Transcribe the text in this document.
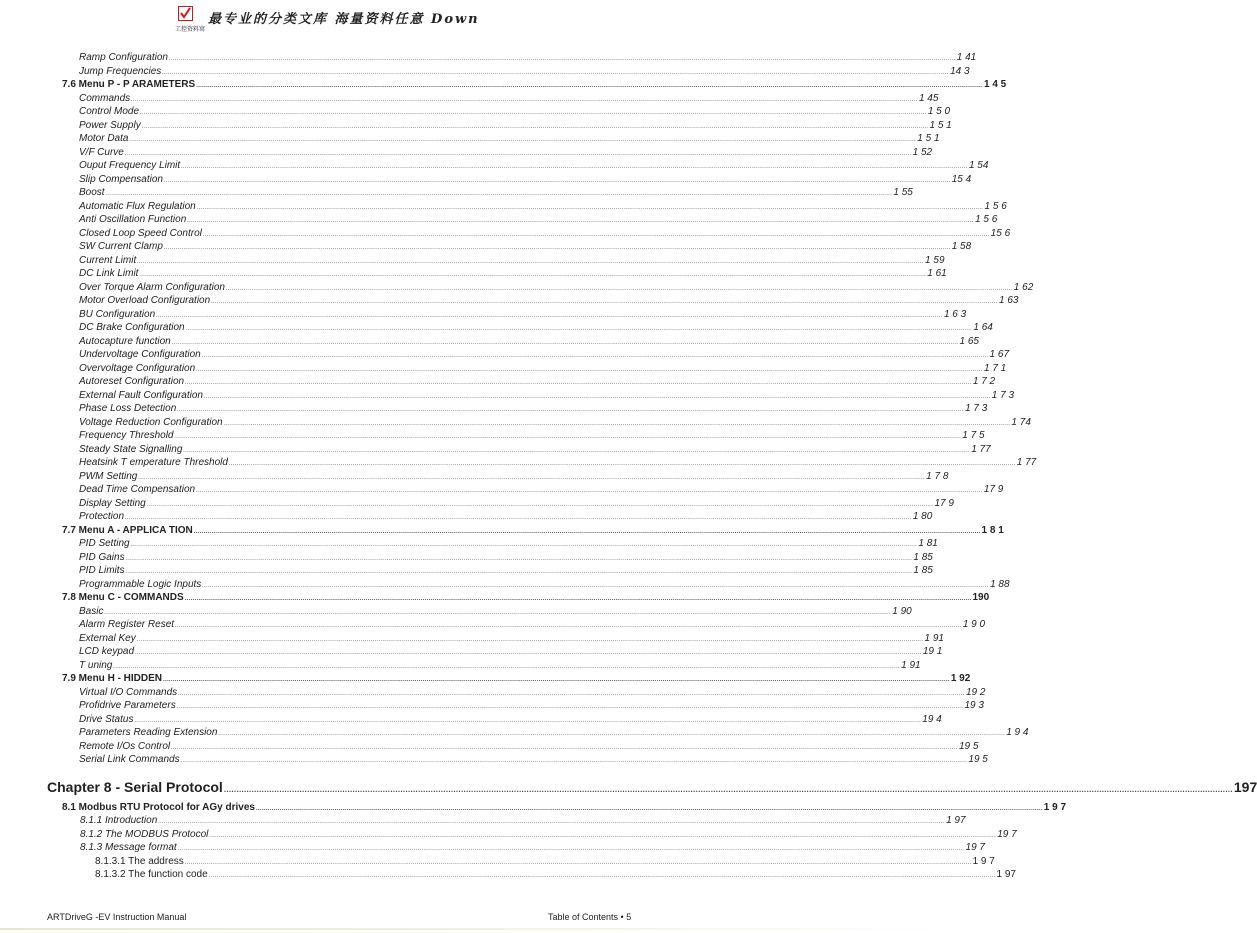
工控资料窝
最专业的分类文库 海量资料任意 Down
Ramp Configuration ................................................................................................................................................................................................................................................................................................................................................................................................................ 1 41
Jump Frequencies ................................................................................................................................................................................................................................................................................................................................................................................................................ 14 3
7.6 Menu P - P ARAMETERS ................................................................................................................................................................................................................................................................................................................................................................................................................ 1 4 5
Commands ................................................................................................................................................................................................................................................................................................................................................................................................................ 1 45
Control Mode ................................................................................................................................................................................................................................................................................................................................................................................................................ 1 5 0
Power Supply ................................................................................................................................................................................................................................................................................................................................................................................................................ 1 5 1
Motor Data ................................................................................................................................................................................................................................................................................................................................................................................................................ 1 5 1
V/F Curve ................................................................................................................................................................................................................................................................................................................................................................................................................ 1 52
Ouput Frequency Limit ................................................................................................................................................................................................................................................................................................................................................................................................................ 1 54
Slip Compensation ................................................................................................................................................................................................................................................................................................................................................................................................................ 15 4
Boost ................................................................................................................................................................................................................................................................................................................................................................................................................ 1 55
Automatic Flux Regulation ................................................................................................................................................................................................................................................................................................................................................................................................................ 1 5 6
Anti Oscillation Function ................................................................................................................................................................................................................................................................................................................................................................................................................ 1 5 6
Closed Loop Speed Control ................................................................................................................................................................................................................................................................................................................................................................................................................ 15 6
SW Current Clamp ................................................................................................................................................................................................................................................................................................................................................................................................................ 1 58
Current Limit ................................................................................................................................................................................................................................................................................................................................................................................................................ 1 59
DC Link Limit ................................................................................................................................................................................................................................................................................................................................................................................................................ 1 61
Over Torque Alarm Configuration ................................................................................................................................................................................................................................................................................................................................................................................................................ 1 62
Motor Overload Configuration ................................................................................................................................................................................................................................................................................................................................................................................................................ 1 63
BU Configuration ................................................................................................................................................................................................................................................................................................................................................................................................................ 1 6 3
DC Brake Configuration ................................................................................................................................................................................................................................................................................................................................................................................................................ 1 64
Autocapture function ................................................................................................................................................................................................................................................................................................................................................................................................................ 1 65
Undervoltage Configuration ................................................................................................................................................................................................................................................................................................................................................................................................................ 1 67
Overvoltage Configuration ................................................................................................................................................................................................................................................................................................................................................................................................................ 1 7 1
Autoreset Configuration ................................................................................................................................................................................................................................................................................................................................................................................................................ 1 7 2
External Fault Configuration ................................................................................................................................................................................................................................................................................................................................................................................................................ 1 7 3
Phase Loss Detection ................................................................................................................................................................................................................................................................................................................................................................................................................ 1 7 3
Voltage Reduction Configuration ................................................................................................................................................................................................................................................................................................................................................................................................................ 1 74
Frequency Threshold ................................................................................................................................................................................................................................................................................................................................................................................................................ 1 7 5
Steady State Signalling ................................................................................................................................................................................................................................................................................................................................................................................................................ 1 77
Heatsink T emperature Threshold ................................................................................................................................................................................................................................................................................................................................................................................................................ 1 77
PWM Setting ................................................................................................................................................................................................................................................................................................................................................................................................................ 1 7 8
Dead Time Compensation ................................................................................................................................................................................................................................................................................................................................................................................................................ 17 9
Display Setting ................................................................................................................................................................................................................................................................................................................................................................................................................ 17 9
Protection ................................................................................................................................................................................................................................................................................................................................................................................................................ 1 80
7.7 Menu A - APPLICA TION ................................................................................................................................................................................................................................................................................................................................................................................................................ 1 8 1
PID Setting ................................................................................................................................................................................................................................................................................................................................................................................................................ 1 81
PID Gains ................................................................................................................................................................................................................................................................................................................................................................................................................ 1 85
PID Limits ................................................................................................................................................................................................................................................................................................................................................................................................................ 1 85
Programmable Logic Inputs ................................................................................................................................................................................................................................................................................................................................................................................................................ 1 88
7.8 Menu C - COMMANDS ................................................................................................................................................................................................................................................................................................................................................................................................................ 190
Basic ................................................................................................................................................................................................................................................................................................................................................................................................................ 1 90
Alarm Register Reset ................................................................................................................................................................................................................................................................................................................................................................................................................ 1 9 0
External Key ................................................................................................................................................................................................................................................................................................................................................................................................................ 1 91
LCD keypad ................................................................................................................................................................................................................................................................................................................................................................................................................ 19 1
T uning ................................................................................................................................................................................................................................................................................................................................................................................................................ 1 91
7.9 Menu H - HIDDEN ................................................................................................................................................................................................................................................................................................................................................................................................................ 1 92
Virtual I/O Commands ................................................................................................................................................................................................................................................................................................................................................................................................................ 19 2
Profidrive Parameters ................................................................................................................................................................................................................................................................................................................................................................................................................ 19 3
Drive Status ................................................................................................................................................................................................................................................................................................................................................................................................................ 19 4
Parameters Reading Extension ................................................................................................................................................................................................................................................................................................................................................................................................................ 1 9 4
Remote I/Os Control ................................................................................................................................................................................................................................................................................................................................................................................................................ 19 5
Serial Link Commands ................................................................................................................................................................................................................................................................................................................................................................................................................ 19 5
Chapter 8 - Serial Protocol ................................................................................................................................................................................................................................................................................................................................................................................................................ 197
8.1 Modbus RTU Protocol for AGy drives ................................................................................................................................................................................................................................................................................................................................................................................................................ 1 9 7
8.1.1 Introduction ................................................................................................................................................................................................................................................................................................................................................................................................................ 1 97
8.1.2 The MODBUS Protocol ................................................................................................................................................................................................................................................................................................................................................................................................................ 19 7
8.1.3 Message format ................................................................................................................................................................................................................................................................................................................................................................................................................ 19 7
8.1.3.1 The address ................................................................................................................................................................................................................................................................................................................................................................................................................ 1 9 7
8.1.3.2 The function code ................................................................................................................................................................................................................................................................................................................................................................................................................ 1 97
ARTDriveG -EV Instruction Manual	Table of Contents • 5
